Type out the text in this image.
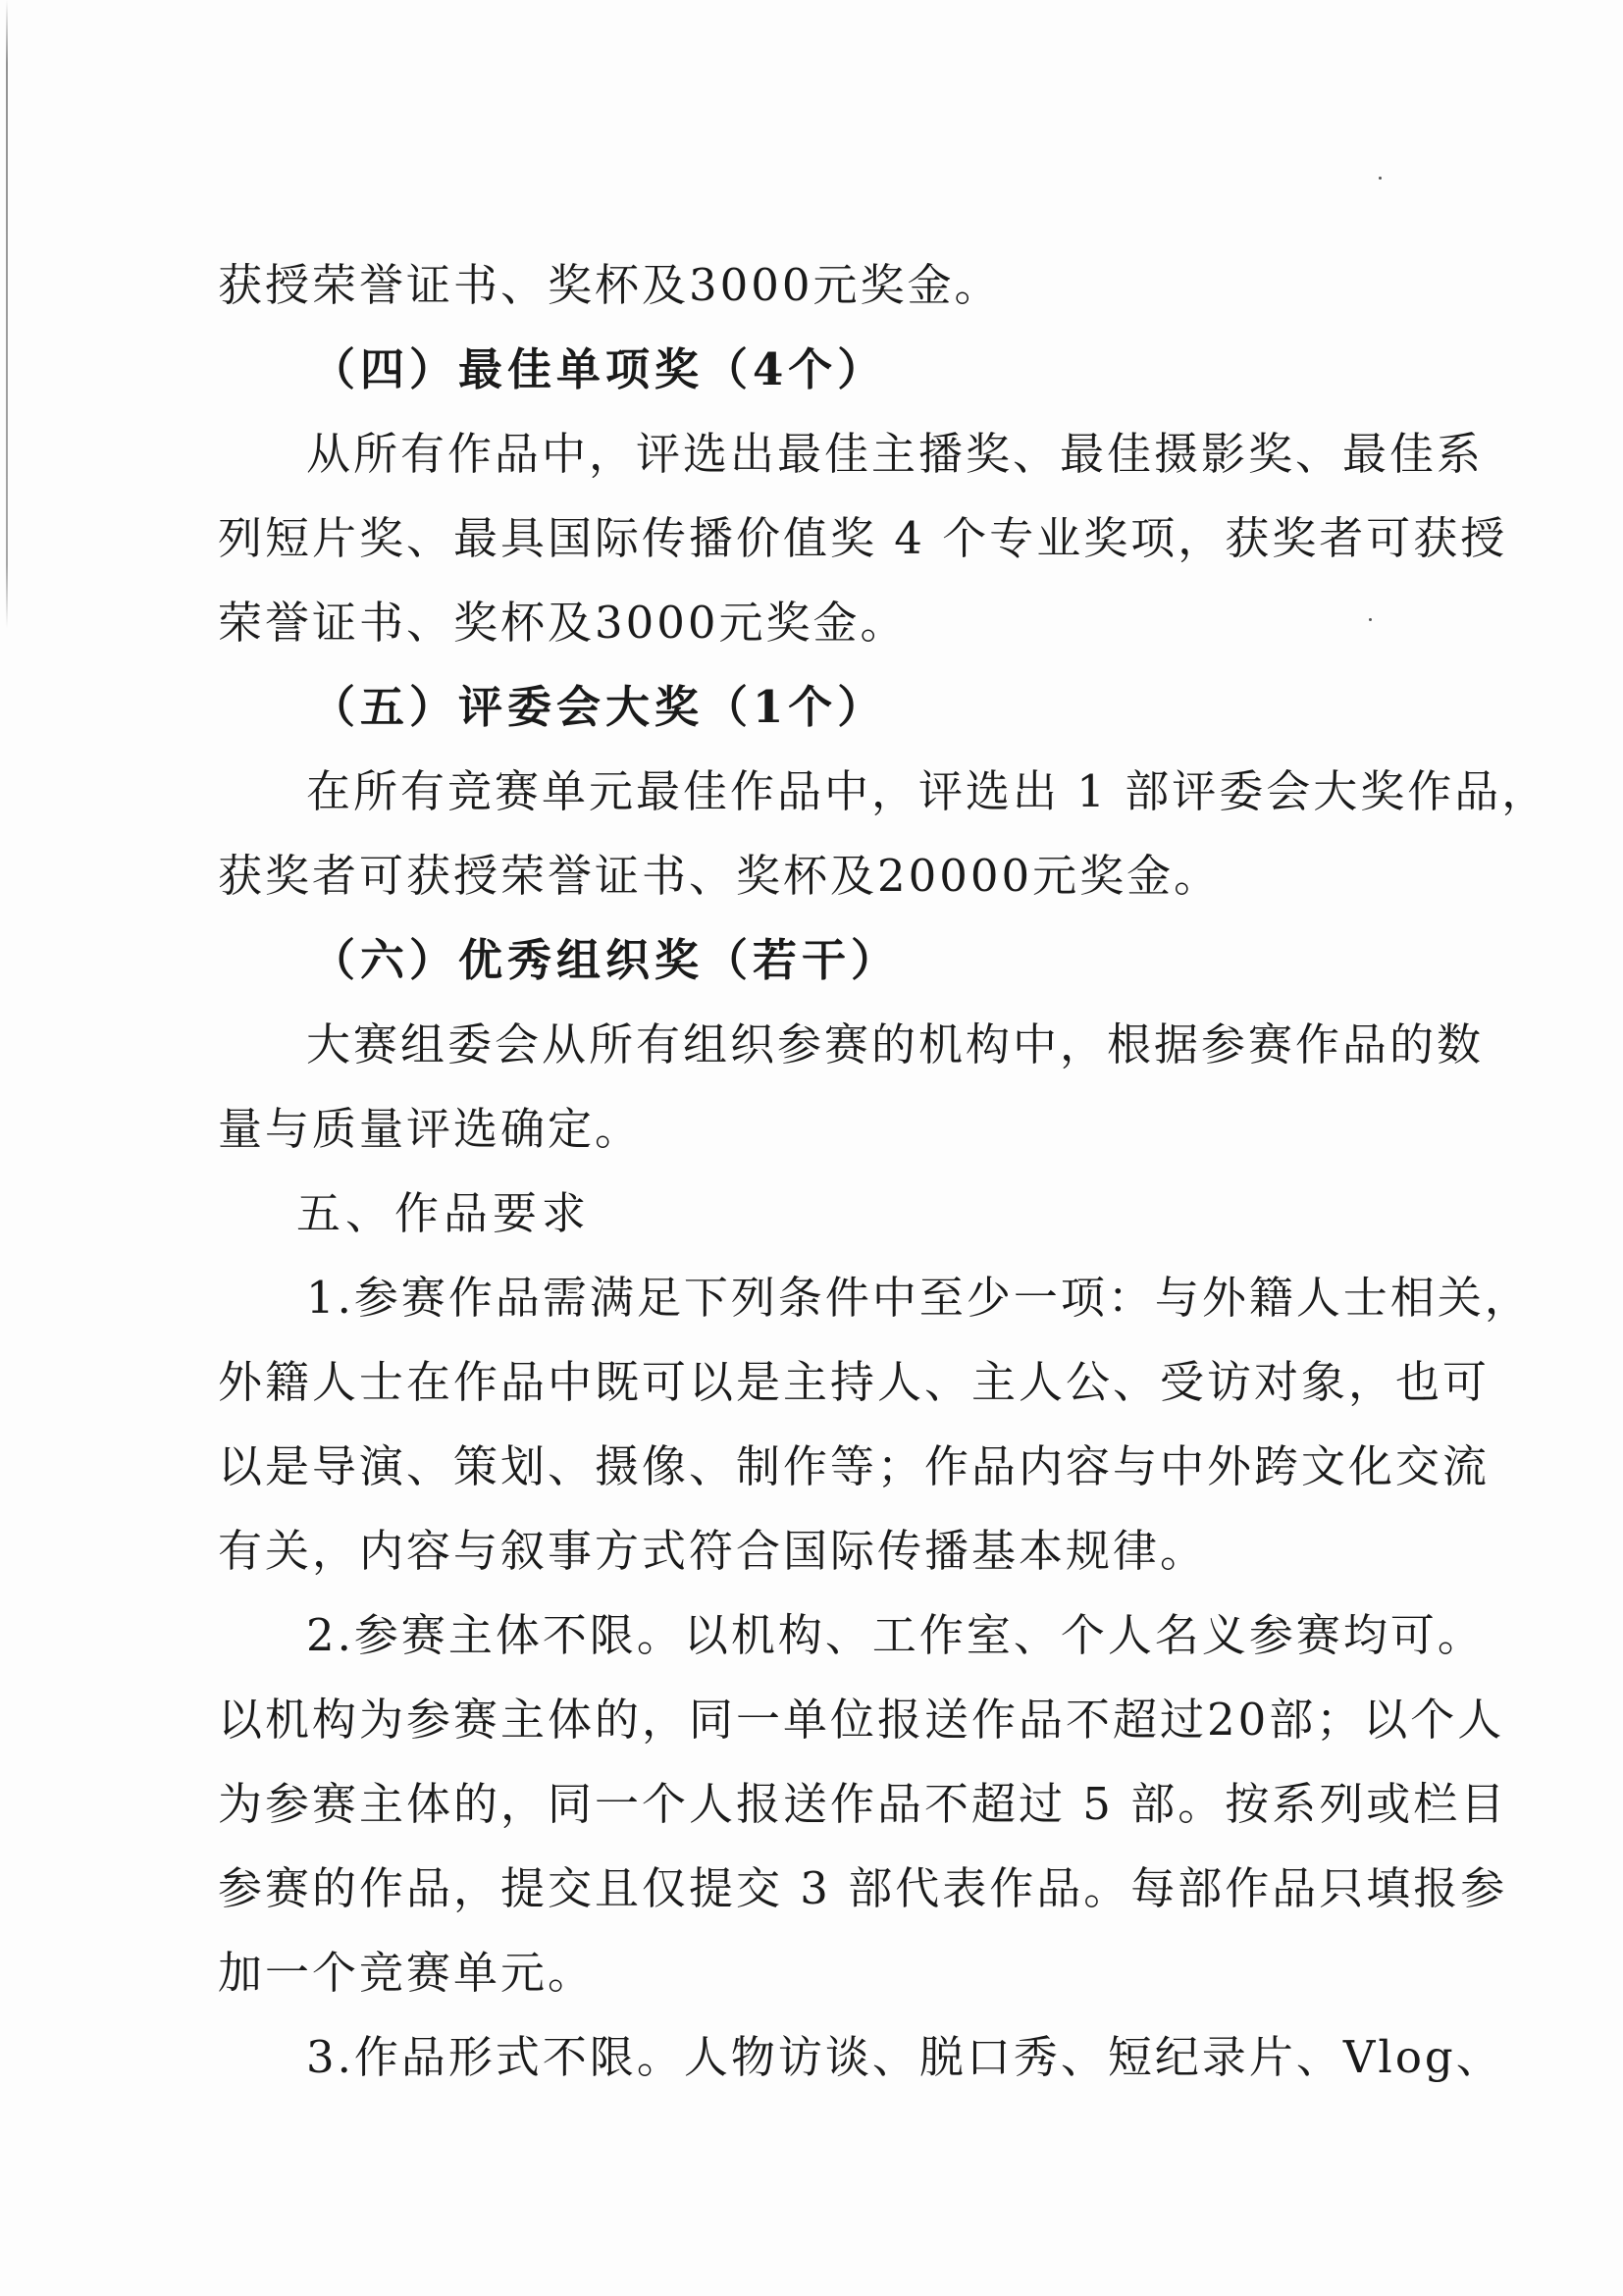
获授荣誉证书、奖杯及3000元奖金。
（四）最佳单项奖（4个）
从所有作品中，评选出最佳主播奖、最佳摄影奖、最佳系
列短片奖、最具国际传播价值奖 4 个专业奖项，获奖者可获授
荣誉证书、奖杯及3000元奖金。
（五）评委会大奖（1个）
在所有竞赛单元最佳作品中，评选出 1 部评委会大奖作品，
获奖者可获授荣誉证书、奖杯及20000元奖金。
（六）优秀组织奖（若干）
大赛组委会从所有组织参赛的机构中，根据参赛作品的数
量与质量评选确定。
五、作品要求
1.参赛作品需满足下列条件中至少一项：与外籍人士相关，
外籍人士在作品中既可以是主持人、主人公、受访对象，也可
以是导演、策划、摄像、制作等；作品内容与中外跨文化交流
有关，内容与叙事方式符合国际传播基本规律。
2.参赛主体不限。以机构、工作室、个人名义参赛均可。
以机构为参赛主体的，同一单位报送作品不超过20部；以个人
为参赛主体的，同一个人报送作品不超过 5 部。按系列或栏目
参赛的作品，提交且仅提交 3 部代表作品。每部作品只填报参
加一个竞赛单元。
3.作品形式不限。人物访谈、脱口秀、短纪录片、Vlog、
